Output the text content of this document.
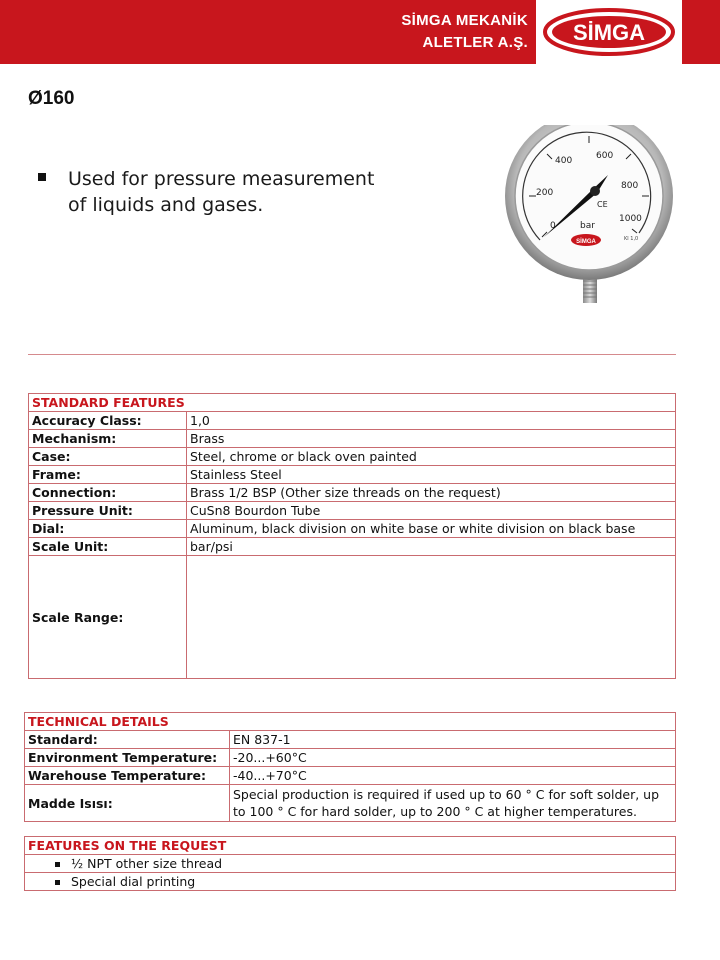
SİMGA MEKANİK
ALETLER A.Ş. SİMGA
Ø160
Used for pressure measurement of liquids and gases.
0
200
400	600
800
1000
bar
CE
Kl 1,0
SİMGA
STANDARD FEATURES	
Accuracy Class:	1,0
Mechanism:	Brass
Case:	Steel, chrome or black oven painted
Frame:	Stainless Steel
Connection:	Brass 1/2 BSP (Other size threads on the request)
Pressure Unit:	CuSn8 Bourdon Tube
Dial:	Aluminum, black division on white base or white division on black base
Scale Unit:	bar/psi
Scale Range:	
TECHNICAL DETAILS	
Standard:	EN 837-1
Environment Temperature:	-20...+60°C
Warehouse Temperature:	-40...+70°C
Madde Isısı:	Special production is required if used up to 60 ° C for soft solder, up
to 100 ° C for hard solder, up to 200 ° C at higher temperatures.
FEATURES ON THE REQUEST
½ NPT other size thread
Special dial printing
